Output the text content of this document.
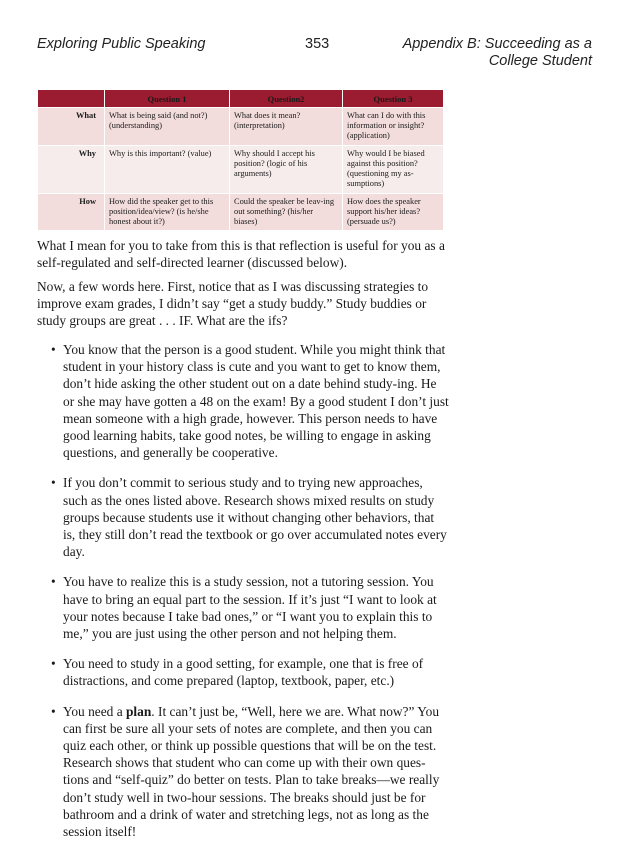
Exploring Public Speaking	353	Appendix B: Succeeding as a
College Student
	Question 1	Question2	Question 3
What	What is being said (and not?) (understanding)	What does it mean? (interpretation)	What can I do with this information or insight? (application)
Why	Why is this important? (value)	Why should I accept his position? (logic of his arguments)	Why would I be biased against this position? (questioning my as-sumptions)
How	How did the speaker get to this position/idea/view? (is he/she honest about it?)	Could the speaker be leav-ing out something? (his/her biases)	How does the speaker support his/her ideas? (persuade us?)

What I mean for you to take from this is that reflection is useful for you as a self-regulated and self-directed learner (discussed below).

Now, a few words here. First, notice that as I was discussing strategies to improve exam grades, I didn’t say “get a study buddy.” Study buddies or study groups are great . . . IF. What are the ifs?

• You know that the person is a good student. While you might think that student in your history class is cute and you want to get to know them, don’t hide asking the other student out on a date behind study-ing. He or she may have gotten a 48 on the exam! By a good student I don’t just mean someone with a high grade, however. This person needs to have good learning habits, take good notes, be willing to engage in asking questions, and generally be cooperative.
• If you don’t commit to serious study and to trying new approaches, such as the ones listed above. Research shows mixed results on study groups because students use it without changing other behaviors, that is, they still don’t read the textbook or go over accumulated notes every day.
• You have to realize this is a study session, not a tutoring session. You have to bring an equal part to the session. If it’s just “I want to look at your notes because I take bad ones,” or “I want you to explain this to me,” you are just using the other person and not helping them.
• You need to study in a good setting, for example, one that is free of distractions, and come prepared (laptop, textbook, paper, etc.)
• You need a plan. It can’t just be, “Well, here we are. What now?” You can first be sure all your sets of notes are complete, and then you can quiz each other, or think up possible questions that will be on the test. Research shows that student who can come up with their own ques-tions and “self-quiz” do better on tests. Plan to take breaks—we really don’t study well in two-hour sessions. The breaks should just be for bathroom and a drink of water and stretching legs, not as long as the session itself!
